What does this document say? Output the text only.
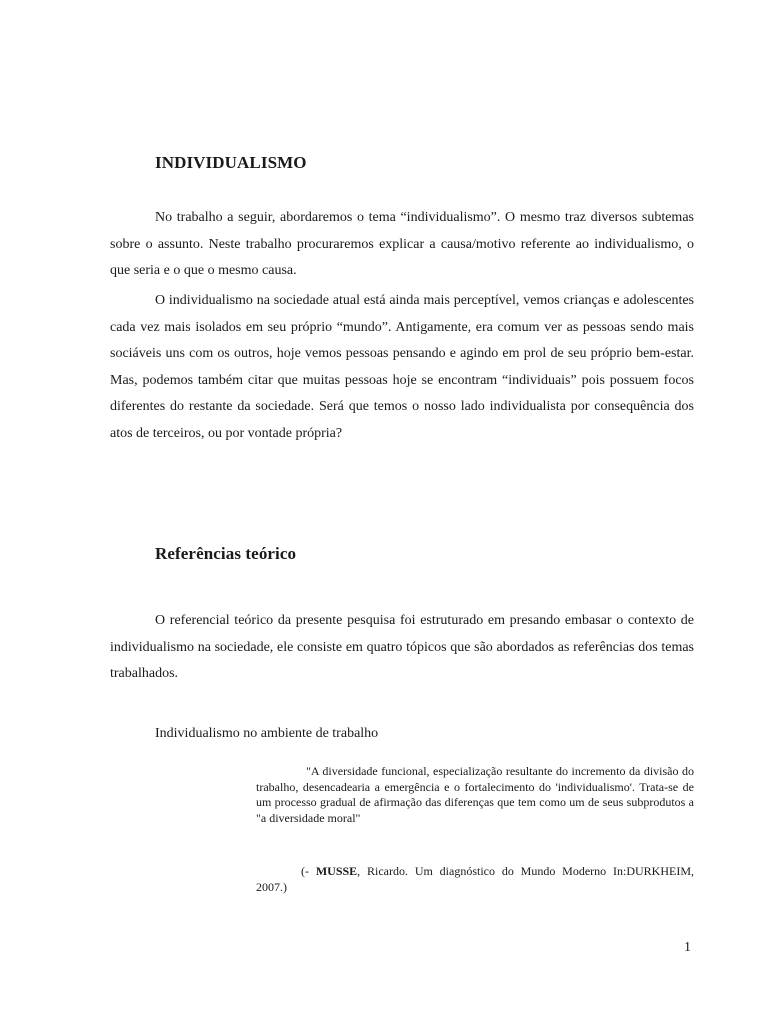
INDIVIDUALISMO

No trabalho a seguir, abordaremos o tema “individualismo”. O mesmo traz diversos subtemas sobre o assunto. Neste trabalho procuraremos explicar a causa/motivo referente ao individualismo, o que seria e o que o mesmo causa.

O individualismo na sociedade atual está ainda mais perceptível, vemos crianças e adolescentes cada vez mais isolados em seu próprio “mundo”. Antigamente, era comum ver as pessoas sendo mais sociáveis uns com os outros, hoje vemos pessoas pensando e agindo em prol de seu próprio bem-estar. Mas, podemos também citar que muitas pessoas hoje se encontram “individuais” pois possuem focos diferentes do restante da sociedade. Será que temos o nosso lado individualista por consequência dos atos de terceiros, ou por vontade própria?

Referências teórico

O referencial teórico da presente pesquisa foi estruturado em presando embasar o contexto de individualismo na sociedade, ele consiste em quatro tópicos que são abordados as referências dos temas trabalhados.

Individualismo no ambiente de trabalho

"A diversidade funcional, especialização resultante do incremento da divisão do trabalho, desencadearia a emergência e o fortalecimento do 'individualismo'. Trata-se de um processo gradual de afirmação das diferenças que tem como um de seus subprodutos a "a diversidade moral"

(- MUSSE, Ricardo. Um diagnóstico do Mundo Moderno In:DURKHEIM, 2007.)

1
